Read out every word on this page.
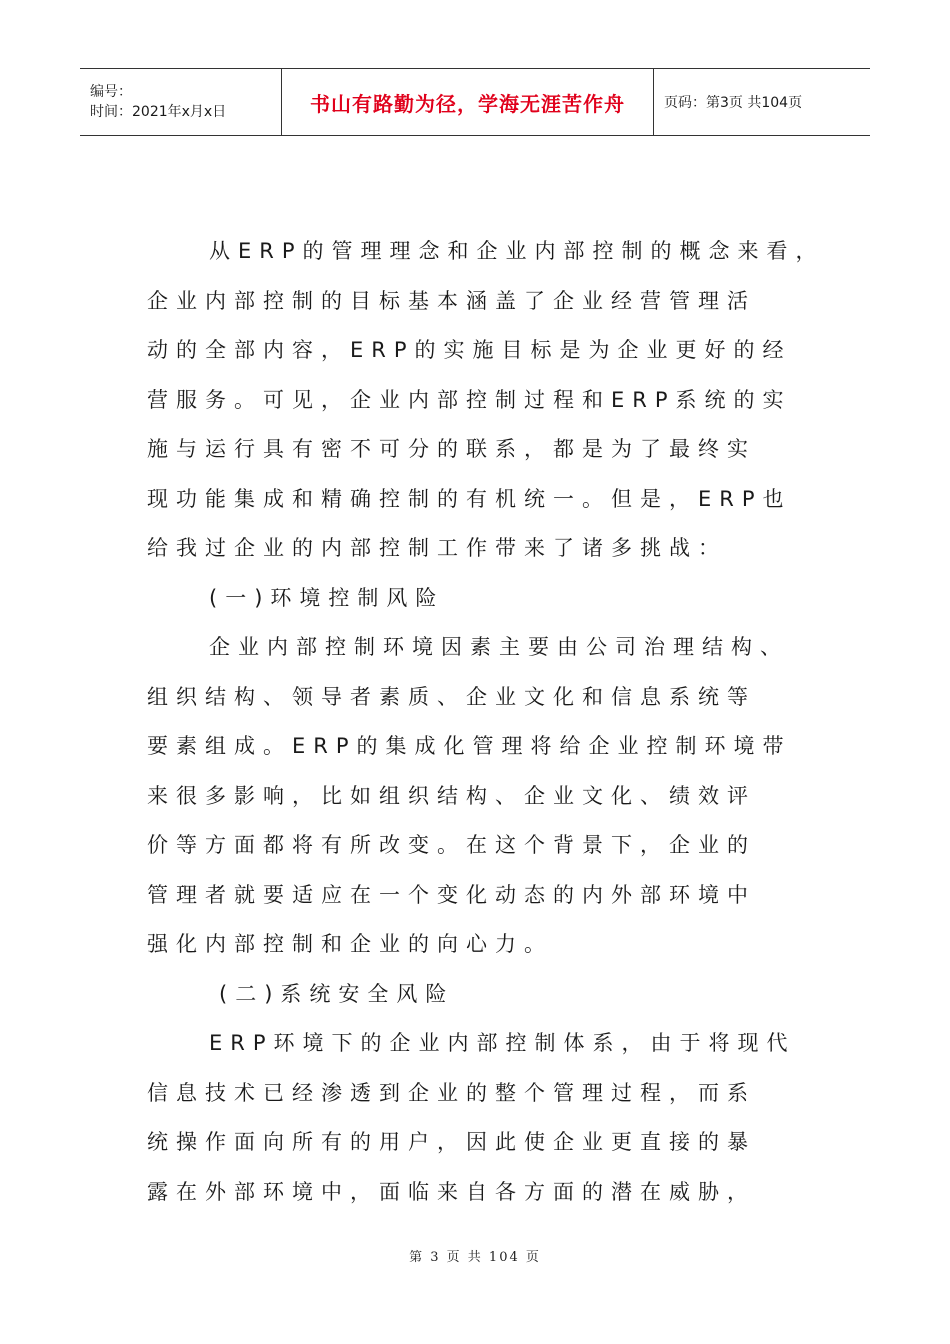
编号：
时间：2021年x月x日	书山有路勤为径，学海无涯苦作舟	页码：第3页 共104页
从ERP的管理理念和企业内部控制的概念来看，
企业内部控制的目标基本涵盖了企业经营管理活
动的全部内容，ERP的实施目标是为企业更好的经
营服务。可见，企业内部控制过程和ERP系统的实
施与运行具有密不可分的联系，都是为了最终实
现功能集成和精确控制的有机统一。但是，ERP也
给我过企业的内部控制工作带来了诸多挑战：
(一)环境控制风险
企业内部控制环境因素主要由公司治理结构、
组织结构、领导者素质、企业文化和信息系统等
要素组成。ERP的集成化管理将给企业控制环境带
来很多影响，比如组织结构、企业文化、绩效评
价等方面都将有所改变。在这个背景下，企业的
管理者就要适应在一个变化动态的内外部环境中
强化内部控制和企业的向心力。
(二)系统安全风险
ERP环境下的企业内部控制体系，由于将现代
信息技术已经渗透到企业的整个管理过程，而系
统操作面向所有的用户，因此使企业更直接的暴
露在外部环境中，面临来自各方面的潜在威胁，
第 3 页 共 104 页
